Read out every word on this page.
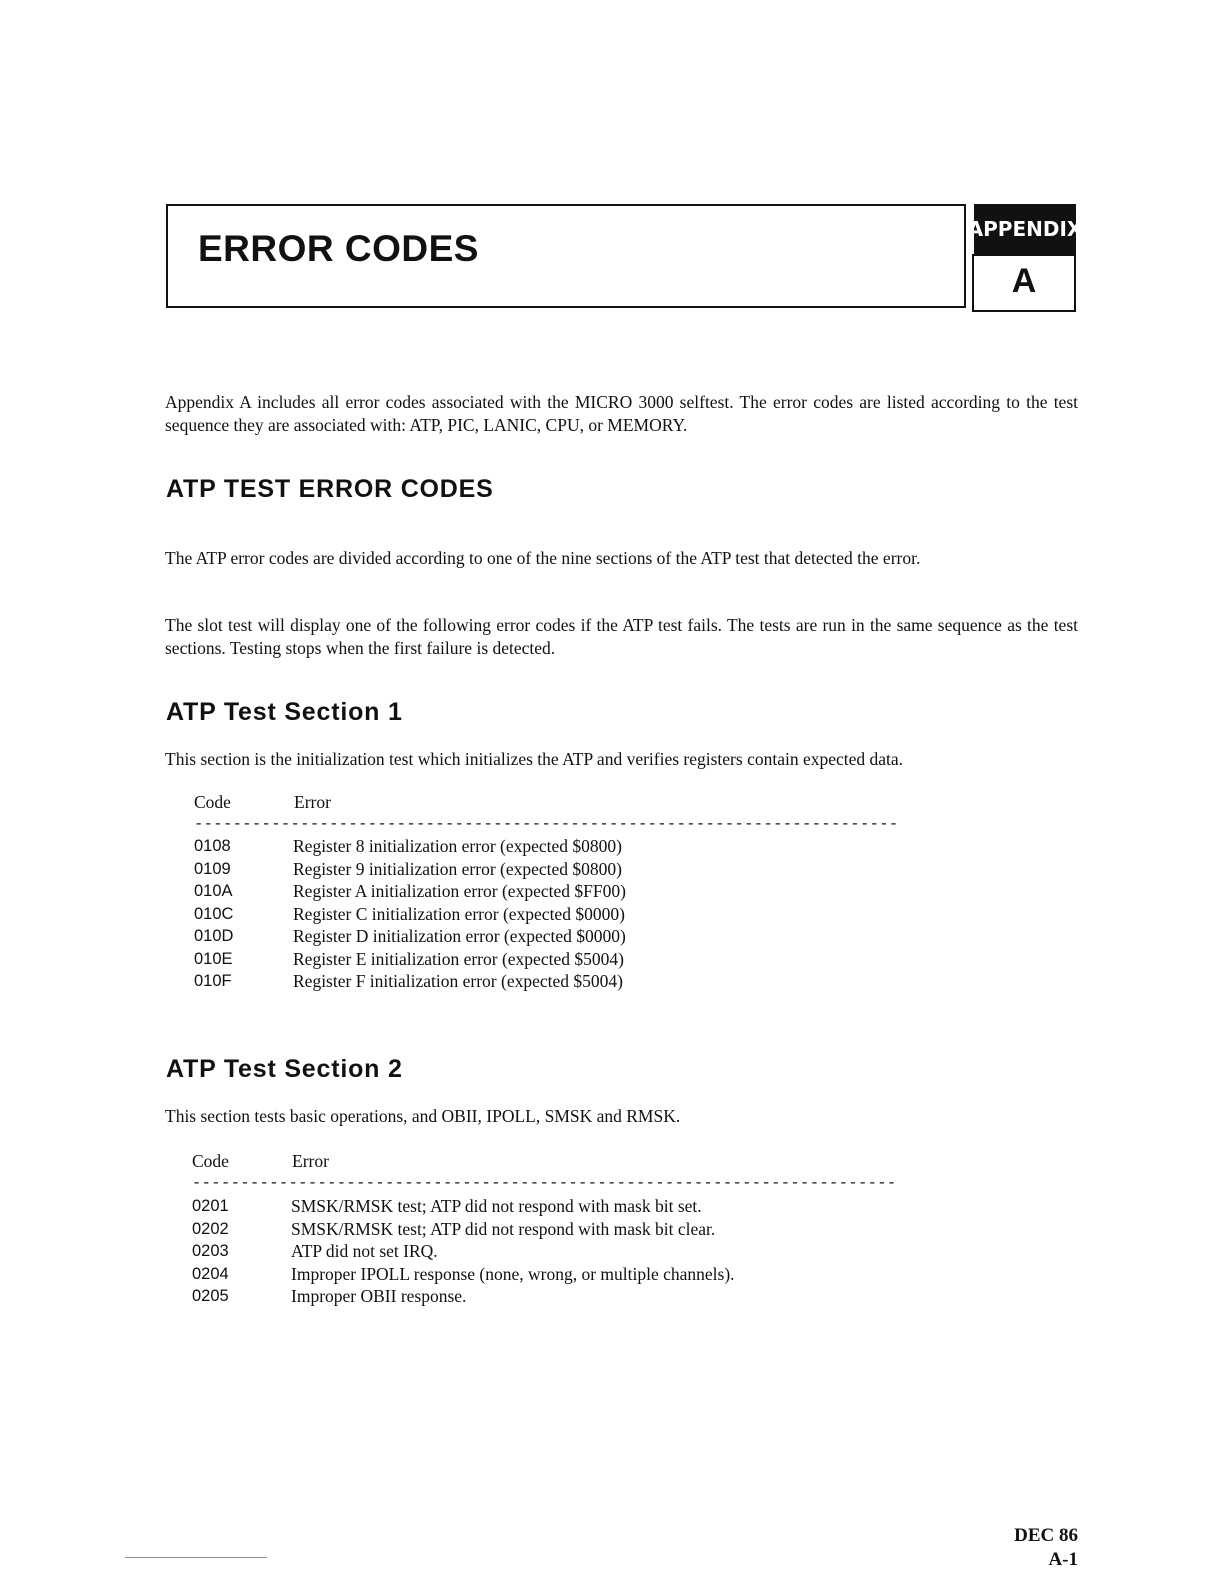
ERROR CODES	APPENDIX
A
Appendix A includes all error codes associated with the MICRO 3000 selftest. The error codes are listed according to the test sequence they are associated with: ATP, PIC, LANIC, CPU, or MEMORY.
ATP TEST ERROR CODES
The ATP error codes are divided according to one of the nine sections of the ATP test that detected the error.
The slot test will display one of the following error codes if the ATP test fails. The tests are run in the same sequence as the test sections. Testing stops when the first failure is detected.
ATP Test Section 1
This section is the initialization test which initializes the ATP and verifies registers contain expected data.
Code	Error
-------------------------------------------------------------------------
0108	Register 8 initialization error (expected $0800)
0109	Register 9 initialization error (expected $0800)
010A	Register A initialization error (expected $FF00)
010C	Register C initialization error (expected $0000)
010D	Register D initialization error (expected $0000)
010E	Register E initialization error (expected $5004)
010F	Register F initialization error (expected $5004)
ATP Test Section 2
This section tests basic operations, and OBII, IPOLL, SMSK and RMSK.
Code	Error
-------------------------------------------------------------------------
0201	SMSK/RMSK test; ATP did not respond with mask bit set.
0202	SMSK/RMSK test; ATP did not respond with mask bit clear.
0203	ATP did not set IRQ.
0204	Improper IPOLL response (none, wrong, or multiple channels).
0205	Improper OBII response.
DEC 86
A-1
